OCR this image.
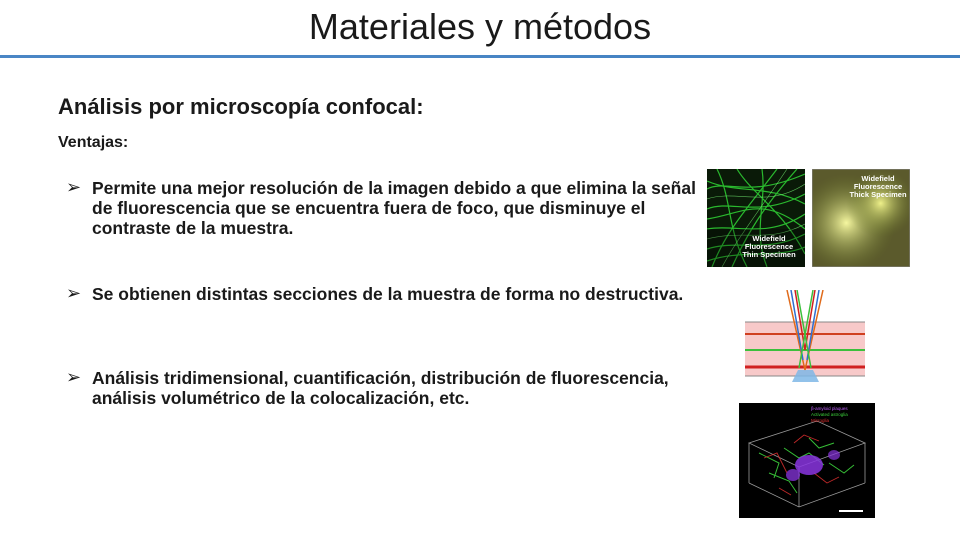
Materiales y métodos
Análisis por microscopía confocal:
Ventajas:
➢ Permite una mejor resolución de la imagen debido a que elimina la señal de fluorescencia que se encuentra fuera de foco, que disminuye el contraste de la muestra.
➢ Se obtienen distintas secciones de la muestra de forma no destructiva.
➢ Análisis tridimensional, cuantificación, distribución de fluorescencia, análisis volumétrico de la colocalización, etc.
Widefield
Fluorescence
Thin Specimen
Widefield
Fluorescence
Thick Specimen
β-amyloid plaques
Activated astroglia
Microglia
